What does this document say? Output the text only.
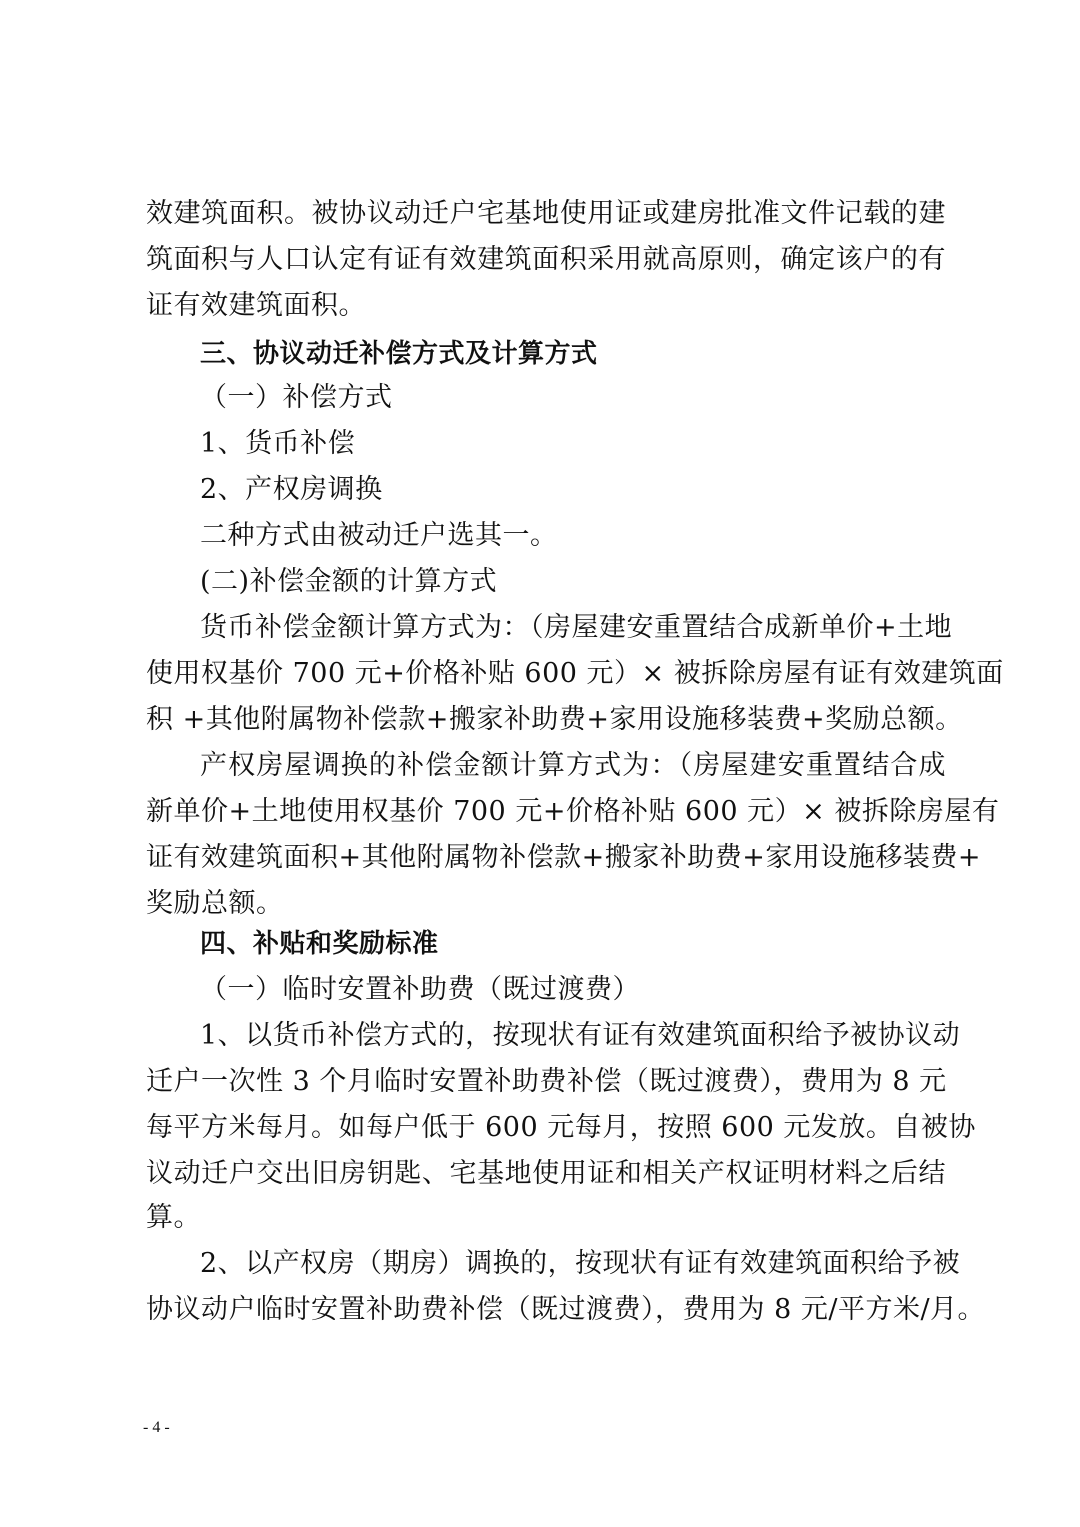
效建筑面积。被协议动迁户宅基地使用证或建房批准文件记载的建
筑面积与人口认定有证有效建筑面积采用就高原则，确定该户的有
证有效建筑面积。
三、协议动迁补偿方式及计算方式
（一）补偿方式
1、货币补偿
2、产权房调换
二种方式由被动迁户选其一。
(二)补偿金额的计算方式
货币补偿金额计算方式为：（房屋建安重置结合成新单价+土地
使用权基价 700 元+价格补贴 600 元）× 被拆除房屋有证有效建筑面
积 +其他附属物补偿款+搬家补助费+家用设施移装费+奖励总额。
产权房屋调换的补偿金额计算方式为：（房屋建安重置结合成
新单价+土地使用权基价 700 元+价格补贴 600 元）× 被拆除房屋有
证有效建筑面积+其他附属物补偿款+搬家补助费+家用设施移装费+
奖励总额。
四、补贴和奖励标准
（一）临时安置补助费（既过渡费）
1、以货币补偿方式的，按现状有证有效建筑面积给予被协议动
迁户一次性 3 个月临时安置补助费补偿（既过渡费），费用为 8 元
每平方米每月。如每户低于 600 元每月，按照 600 元发放。自被协
议动迁户交出旧房钥匙、宅基地使用证和相关产权证明材料之后结
算。
2、以产权房（期房）调换的，按现状有证有效建筑面积给予被
协议动户临时安置补助费补偿（既过渡费），费用为 8 元/平方米/月。
- 4 -
